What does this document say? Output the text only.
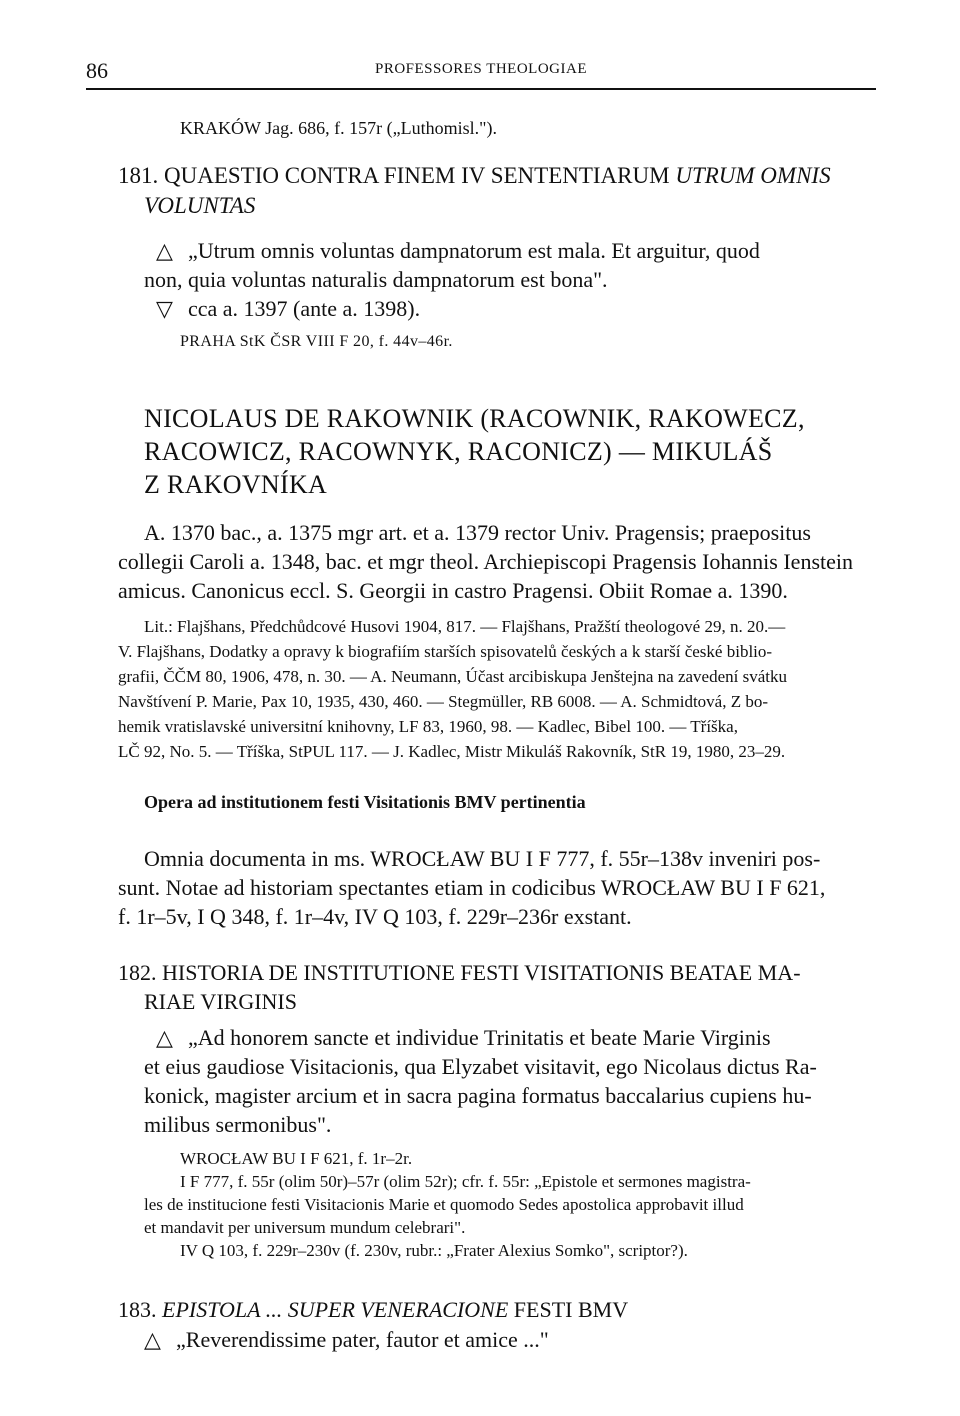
86	PROFESSORES THEOLOGIAE
KRAKÓW Jag. 686, f. 157r („Luthomisl.").
181. QUAESTIO CONTRA FINEM IV SENTENTIARUM UTRUM OMNIS
VOLUNTAS
△ „Utrum omnis voluntas dampnatorum est mala. Et arguitur, quod
non, quia voluntas naturalis dampnatorum est bona".
▽ cca a. 1397 (ante a. 1398).
PRAHA StK ČSR VIII F 20, f. 44v–46r.
NICOLAUS DE RAKOWNIK (RACOWNIK, RAKOWECZ,
RACOWICZ, RACOWNYK, RACONICZ) — MIKULÁŠ
Z RAKOVNÍKA
A. 1370 bac., a. 1375 mgr art. et a. 1379 rector Univ. Pragensis; praepositus
collegii Caroli a. 1348, bac. et mgr theol. Archiepiscopi Pragensis Iohannis Ienstein
amicus. Canonicus eccl. S. Georgii in castro Pragensi. Obiit Romae a. 1390.
Lit.: Flajšhans, Předchůdcové Husovi 1904, 817. — Flajšhans, Pražští theologové 29, n. 20.—
V. Flajšhans, Dodatky a opravy k biografiím starších spisovatelů českých a k starší české biblio-
grafii, ČČM 80, 1906, 478, n. 30. — A. Neumann, Účast arcibiskupa Jenštejna na zavedení svátku
Navštívení P. Marie, Pax 10, 1935, 430, 460. — Stegmüller, RB 6008. — A. Schmidtová, Z bo-
hemik vratislavské universitní knihovny, LF 83, 1960, 98. — Kadlec, Bibel 100. — Tříška,
LČ 92, No. 5. — Tříška, StPUL 117. — J. Kadlec, Mistr Mikuláš Rakovník, StR 19, 1980, 23–29.
Opera ad institutionem festi Visitationis BMV pertinentia
Omnia documenta in ms. WROCŁAW BU I F 777, f. 55r–138v inveniri pos-
sunt. Notae ad historiam spectantes etiam in codicibus WROCŁAW BU I F 621,
f. 1r–5v, I Q 348, f. 1r–4v, IV Q 103, f. 229r–236r exstant.
182. HISTORIA DE INSTITUTIONE FESTI VISITATIONIS BEATAE MA-
RIAE VIRGINIS
△ „Ad honorem sancte et individue Trinitatis et beate Marie Virginis
et eius gaudiose Visitacionis, qua Elyzabet visitavit, ego Nicolaus dictus Ra-
konick, magister arcium et in sacra pagina formatus baccalarius cupiens hu-
milibus sermonibus".
WROCŁAW BU I F 621, f. 1r–2r.
I F 777, f. 55r (olim 50r)–57r (olim 52r); cfr. f. 55r: „Epistole et sermones magistra-
les de institucione festi Visitacionis Marie et quomodo Sedes apostolica approbavit illud
et mandavit per universum mundum celebrari".
IV Q 103, f. 229r–230v (f. 230v, rubr.: „Frater Alexius Somko", scriptor?).
183. EPISTOLA ... SUPER VENERACIONE FESTI BMV
△ „Reverendissime pater, fautor et amice ..."
